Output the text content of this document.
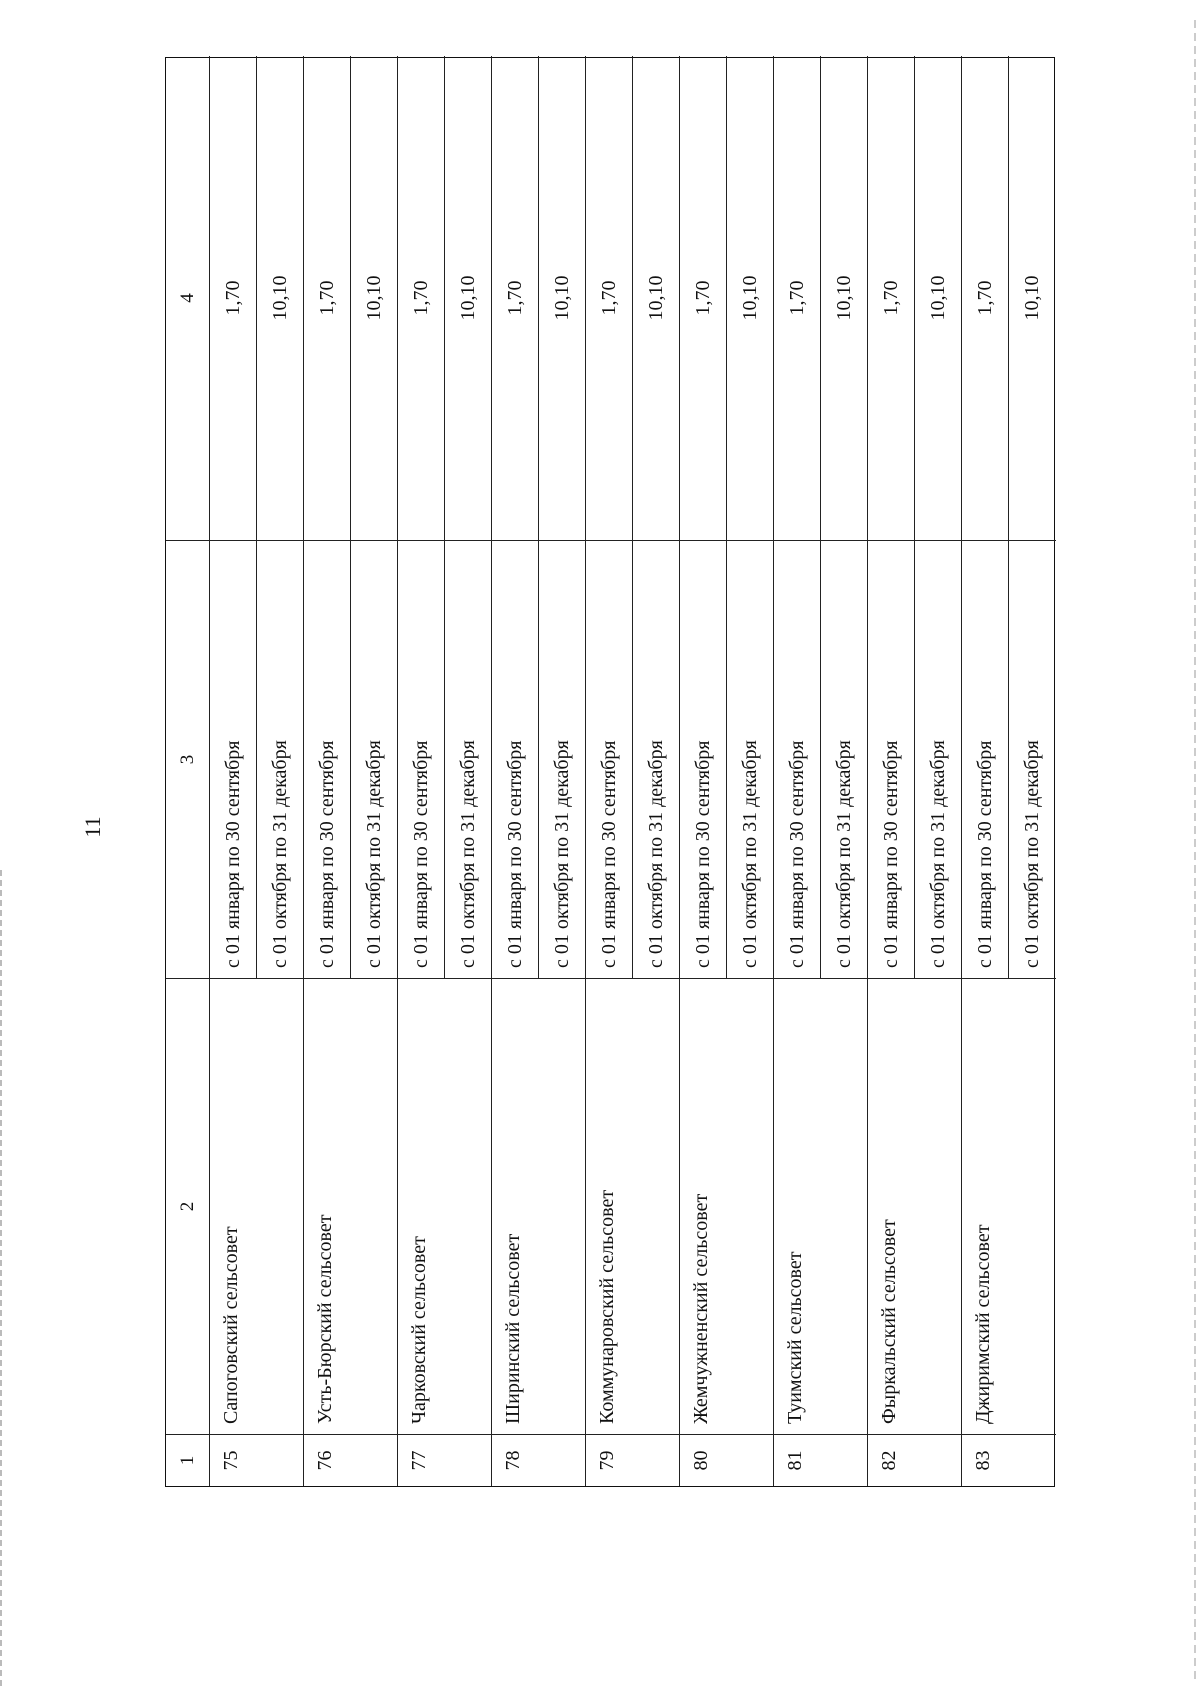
11
1
2
3
4
75
Сапоговский сельсовет
с 01 января по 30 сентября
1,70
с 01 октября по 31 декабря
10,10
76
Усть-Бюрский сельсовет
с 01 января по 30 сентября
1,70
с 01 октября по 31 декабря
10,10
77
Чарковский сельсовет
с 01 января по 30 сентября
1,70
с 01 октября по 31 декабря
10,10
78
Ширинский сельсовет
с 01 января по 30 сентября
1,70
с 01 октября по 31 декабря
10,10
79
Коммунаровский сельсовет
с 01 января по 30 сентября
1,70
с 01 октября по 31 декабря
10,10
80
Жемчужненский сельсовет
с 01 января по 30 сентября
1,70
с 01 октября по 31 декабря
10,10
81
Туимский сельсовет
с 01 января по 30 сентября
1,70
с 01 октября по 31 декабря
10,10
82
Фыркальский сельсовет
с 01 января по 30 сентября
1,70
с 01 октября по 31 декабря
10,10
83
Джиримский сельсовет
с 01 января по 30 сентября
1,70
с 01 октября по 31 декабря
10,10
